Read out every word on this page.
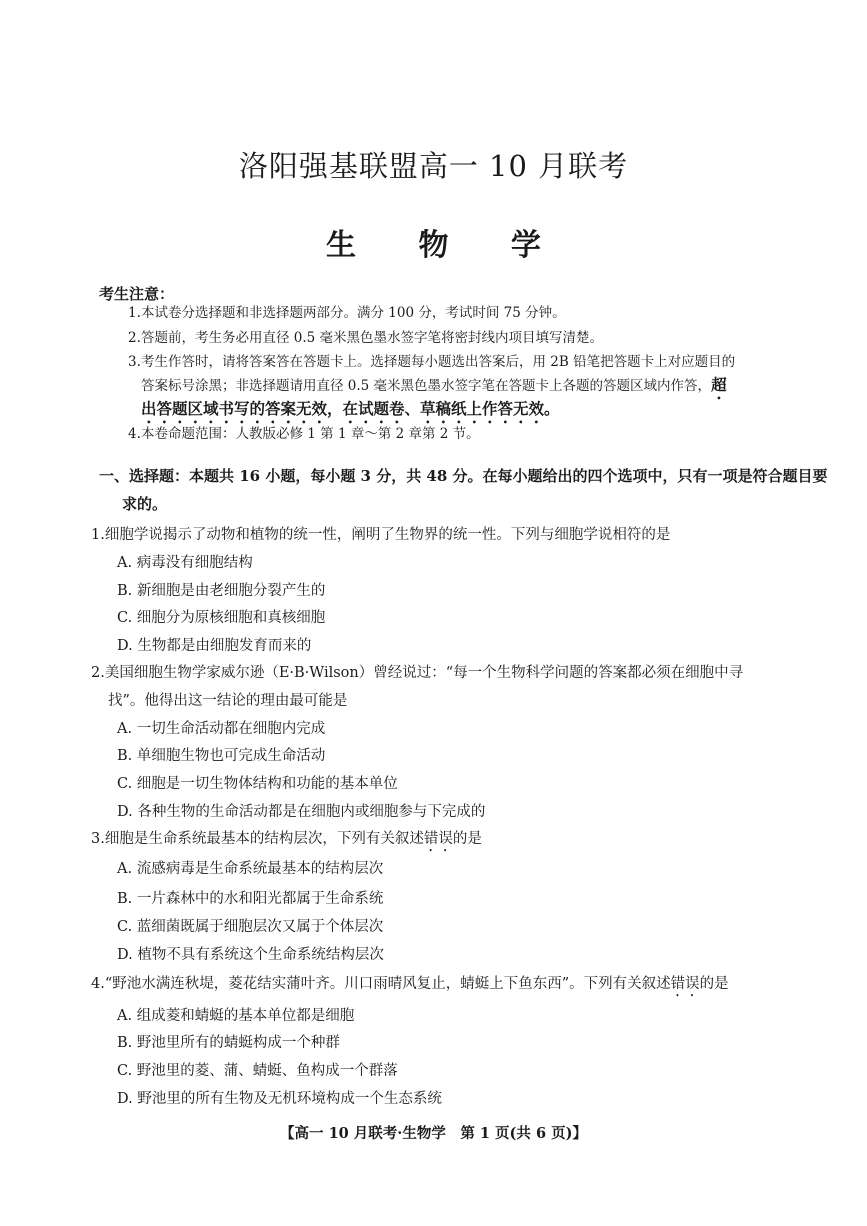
洛阳强基联盟高一 10 月联考
生 物 学
考生注意：
1. 本试卷分选择题和非选择题两部分。满分 100 分，考试时间 75 分钟。
2. 答题前，考生务必用直径 0.5 毫米黑色墨水签字笔将密封线内项目填写清楚。
3. 考生作答时，请将答案答在答题卡上。选择题每小题选出答案后，用 2B 铅笔把答题卡上对应题目的
答案标号涂黑；非选择题请用直径 0.5 毫米黑色墨水签字笔在答题卡上各题的答题区域内作答，超
出答题区域书写的答案无效，在试题卷、草稿纸上作答无效。
4. 本卷命题范围：人教版必修 1 第 1 章～第 2 章第 2 节。
一、选择题：本题共 16 小题，每小题 3 分，共 48 分。在每小题给出的四个选项中，只有一项是符合题目要
求的。
1.细胞学说揭示了动物和植物的统一性，阐明了生物界的统一性。下列与细胞学说相符的是
A. 病毒没有细胞结构
B. 新细胞是由老细胞分裂产生的
C. 细胞分为原核细胞和真核细胞
D. 生物都是由细胞发育而来的
2.美国细胞生物学家威尔逊（E·B·Wilson）曾经说过：“每一个生物科学问题的答案都必须在细胞中寻
找”。他得出这一结论的理由最可能是
A. 一切生命活动都在细胞内完成
B. 单细胞生物也可完成生命活动
C. 细胞是一切生物体结构和功能的基本单位
D. 各种生物的生命活动都是在细胞内或细胞参与下完成的
3.细胞是生命系统最基本的结构层次，下列有关叙述错误的是
A. 流感病毒是生命系统最基本的结构层次
B. 一片森林中的水和阳光都属于生命系统
C. 蓝细菌既属于细胞层次又属于个体层次
D. 植物不具有系统这个生命系统结构层次
4.“野池水满连秋堤，菱花结实蒲叶齐。川口雨晴风复止，蜻蜓上下鱼东西”。下列有关叙述错误的是
A. 组成菱和蜻蜓的基本单位都是细胞
B. 野池里所有的蜻蜓构成一个种群
C. 野池里的菱、蒲、蜻蜓、鱼构成一个群落
D. 野池里的所有生物及无机环境构成一个生态系统
【高一 10 月联考·生物学　第 1 页(共 6 页)】
